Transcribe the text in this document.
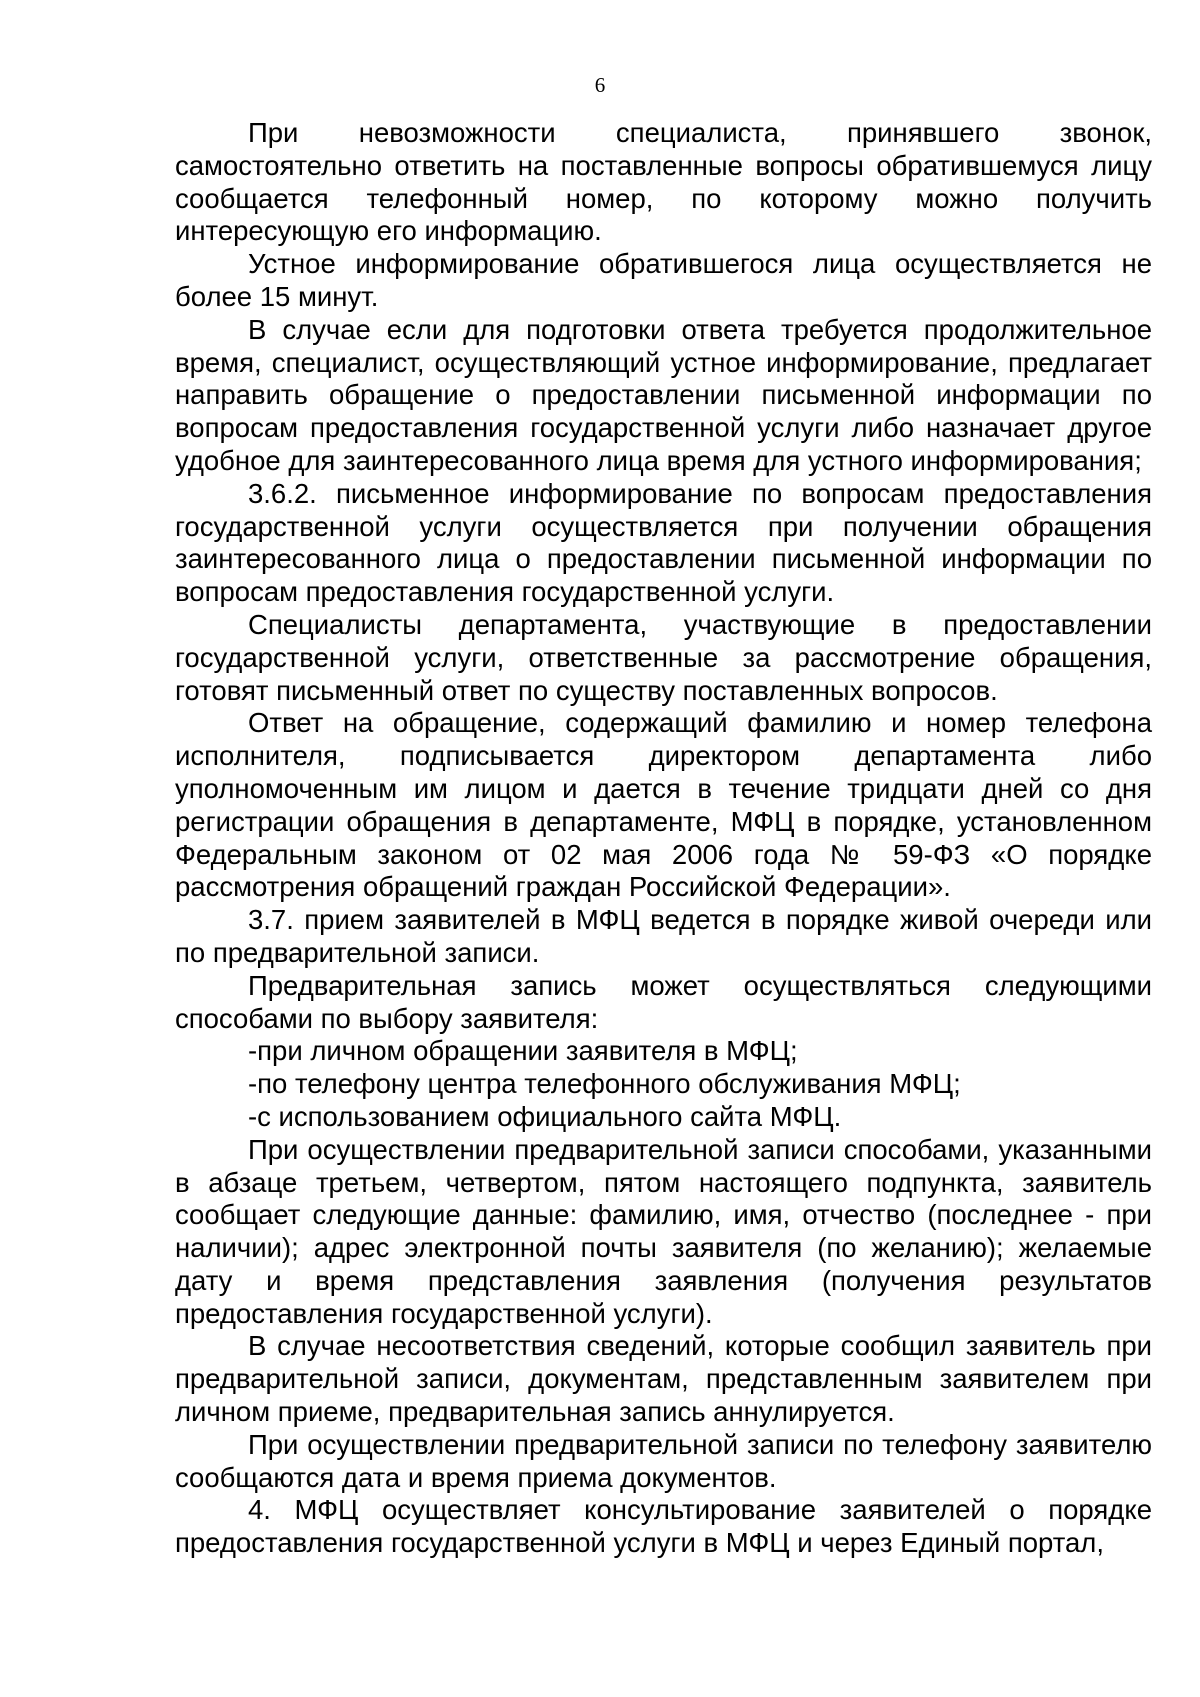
6

При невозможности специалиста, принявшего звонок, самостоятельно ответить на поставленные вопросы обратившемуся лицу сообщается телефонный номер, по которому можно получить интересующую его информацию.

Устное информирование обратившегося лица осуществляется не более 15 минут.

В случае если для подготовки ответа требуется продолжительное время, специалист, осуществляющий устное информирование, предлагает направить обращение о предоставлении письменной информации по вопросам предоставления государственной услуги либо назначает другое удобное для заинтересованного лица время для устного информирования;

3.6.2. письменное информирование по вопросам предоставления государственной услуги осуществляется при получении обращения заинтересованного лица о предоставлении письменной информации по вопросам предоставления государственной услуги.

Специалисты департамента, участвующие в предоставлении государственной услуги, ответственные за рассмотрение обращения, готовят письменный ответ по существу поставленных вопросов.

Ответ на обращение, содержащий фамилию и номер телефона исполнителя, подписывается директором департамента либо уполномоченным им лицом и дается в течение тридцати дней со дня регистрации обращения в департаменте, МФЦ в порядке, установленном Федеральным законом от 02 мая 2006 года № 59-ФЗ «О порядке рассмотрения обращений граждан Российской Федерации».

3.7. прием заявителей в МФЦ ведется в порядке живой очереди или по предварительной записи.

Предварительная запись может осуществляться следующими способами по выбору заявителя:

-при личном обращении заявителя в МФЦ;

-по телефону центра телефонного обслуживания МФЦ;

-с использованием официального сайта МФЦ.

При осуществлении предварительной записи способами, указанными в абзаце третьем, четвертом, пятом настоящего подпункта, заявитель сообщает следующие данные: фамилию, имя, отчество (последнее - при наличии); адрес электронной почты заявителя (по желанию); желаемые дату и время представления заявления (получения результатов предоставления государственной услуги).

В случае несоответствия сведений, которые сообщил заявитель при предварительной записи, документам, представленным заявителем при личном приеме, предварительная запись аннулируется.

При осуществлении предварительной записи по телефону заявителю сообщаются дата и время приема документов.

4. МФЦ осуществляет консультирование заявителей о порядке предоставления государственной услуги в МФЦ и через Единый портал,
